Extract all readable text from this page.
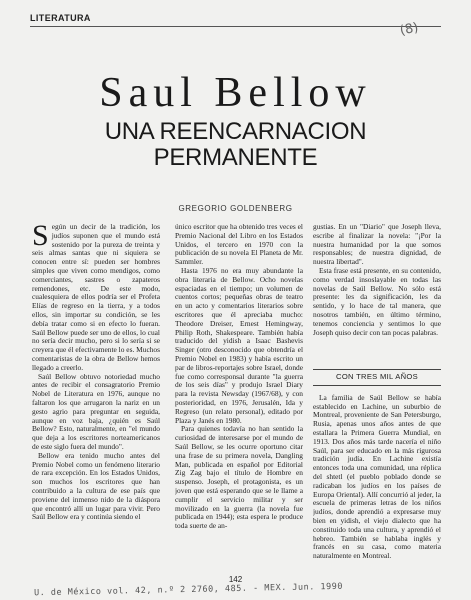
LITERATURA
(8)
Saul Bellow
UNA REENCARNACION
PERMANENTE
GREGORIO GOLDENBERG

Según un decir de la tradición, los judíos suponen que el mundo está sostenido por la pureza de treinta y seis almas santas que ni siquiera se conocen entre sí: pueden ser hombres simples que viven como mendigos, como comerciantes, sastres o zapateros remendones, etc. De este modo, cualesquiera de ellos podría ser el Profeta Elías de regreso en la tierra, y a todos ellos, sin importar su condición, se les debía tratar como si en efecto lo fueran. Saúl Bellow puede ser uno de ellos, lo cual no sería decir mucho, pero si lo sería si se creyera que él efectivamente lo es. Muchos comentaristas de la obra de Bellow hemos llegado a creerlo.

Saúl Bellow obtuvo notoriedad mucho antes de recibir el consagratorio Premio Nobel de Literatura en 1976, aunque no faltaron los que arrugaron la nariz en un gesto agrio para preguntar en seguida, aunque en voz baja, ¿quién es Saúl Bellow? Esto, naturalmente, en "el mundo que deja a los escritores norteamericanos de este siglo fuera del mundo".

Bellow era tenido mucho antes del Premio Nobel como un fenómeno literario de rara excepción. En los Estados Unidos, son muchos los escritores que han contribuido a la cultura de ese país que proviene del inmenso nido de la diáspora que encontró allí un lugar para vivir. Pero Saúl Bellow era y continúa siendo el

único escritor que ha obtenido tres veces el Premio Nacional del Libro en los Estados Unidos, el tercero en 1970 con la publicación de su novela El Planeta de Mr. Sammler.

Hasta 1976 no era muy abundante la obra literaria de Bellow. Ocho novelas espaciadas en el tiempo; un volumen de cuentos cortos; pequeñas obras de teatro en un acto y comentarios literarios sobre escritores que él apreciaba mucho: Theodore Dreiser, Ernest Hemingway, Philip Roth, Shakespeare. También había traducido del yidish a Isaac Bashevis Singer (otro desconocido que obtendría el Premio Nobel en 1983) y había escrito un par de libros-reportajes sobre Israel, donde fue como corresponsal durante "la guerra de los seis días" y produjo Israel Diary para la revista Newsday (1967/68), y con posterioridad, en 1976, Jerusalén, Ida y Regreso (un relato personal), editado por Plaza y Janés en 1980.

Para quienes todavía no han sentido la curiosidad de interesarse por el mundo de Saúl Bellow, se les ocurre oportuno citar una frase de su primera novela, Dangling Man, publicada en español por Editorial Zig Zag bajo el título de Hombre en suspenso. Joseph, el protagonista, es un joven que está esperando que se le llame a cumplir el servicio militar y ser movilizado en la guerra (la novela fue publicada en 1944); esta espera le produce toda suerte de an-

gustias. En un "Diario" que Joseph lleva, escribe al finalizar la novela: "¡Por la nuestra humanidad por la que somos responsables; de nuestra dignidad, de nuestra libertad".

Esta frase está presente, en su contenido, como verdad insoslayable en todas las novelas de Saúl Bellow. No sólo está presente: les da significación, les da sentido, y lo hace de tal manera, que nosotros también, en último término, tenemos conciencia y sentimos lo que Joseph quiso decir con tan pocas palabras.

CON TRES MIL AÑOS

La familia de Saúl Bellow se había establecido en Lachine, un suburbio de Montreal, proveniente de San Petersburgo, Rusia, apenas unos años antes de que estallara la Primera Guerra Mundial, en 1913. Dos años más tarde nacería el niño Saúl, para ser educado en la más rigurosa tradición judía. En Lachine existía entonces toda una comunidad, una réplica del shtetl (el pueblo poblado donde se radicaban los judíos en los países de Europa Oriental). Allí concurrió al jeder, la escuela de primeras letras de los niños judíos, donde aprendió a expresarse muy bien en yidish, el viejo dialecto que ha constituido toda una cultura, y aprendió el hebreo. También se hablaba inglés y francés en su casa, como materia naturalmente en Montreal.

142
U. de México vol. 42, n.º 2 2760, 485. - MEX. Jun. 1990
